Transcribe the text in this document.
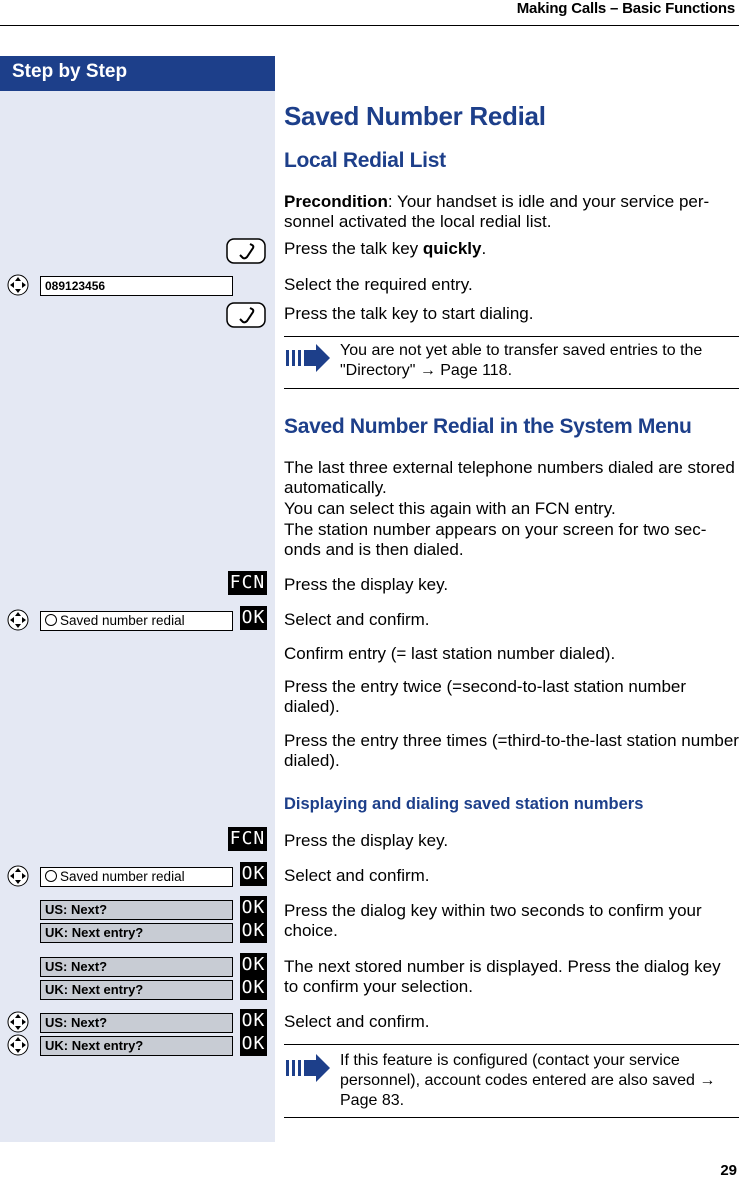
Making Calls – Basic Functions
Step by Step
Saved Number Redial
Local Redial List
Precondition: Your handset is idle and your service per-sonnel activated the local redial list.
Press the talk key quickly.
089123456	Select the required entry.
Press the talk key to start dialing.
You are not yet able to transfer saved entries to the "Directory" → Page 118.
Saved Number Redial in the System Menu
The last three external telephone numbers dialed are stored automatically.
You can select this again with an FCN entry.
The station number appears on your screen for two sec-onds and is then dialed.
FCN Press the display key.
Saved number redial	OK Select and confirm.
Confirm entry (= last station number dialed).
Press the entry twice (=second-to-last station number dialed).
Press the entry three times (=third-to-the-last station number dialed).
Displaying and dialing saved station numbers
FCN Press the display key.
Saved number redial	OK Select and confirm.
US: Next?	OK
UK: Next entry?	OK
Press the dialog key within two seconds to confirm your choice.
US: Next?	OK
UK: Next entry?	OK
The next stored number is displayed. Press the dialog key to confirm your selection.
US: Next?	OK
UK: Next entry?	OK
Select and confirm.
If this feature is configured (contact your service personnel), account codes entered are also saved → Page 83.
29
